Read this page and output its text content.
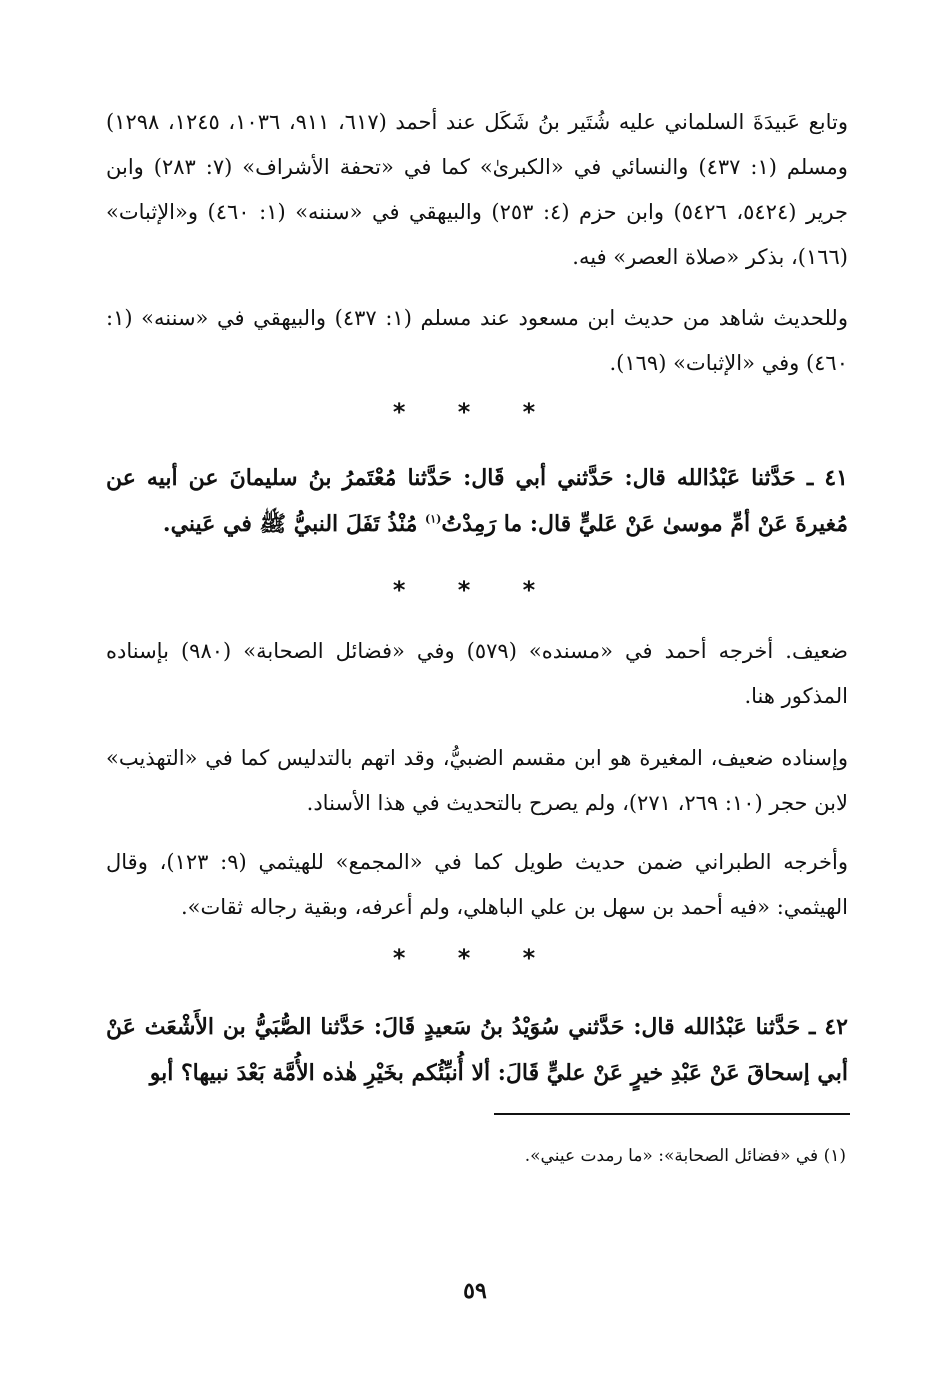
وتابع عَبيدَةَ السلماني عليه شُتَير بنُ شَكَل عند أحمد (٦١٧، ٩١١، ١٠٣٦، ١٢٤٥، ١٢٩٨) ومسلم (١: ٤٣٧) والنسائي في «الكبرىٰ» كما في «تحفة الأشراف» (٧: ٢٨٣) وابن جرير (٥٤٢٤، ٥٤٢٦) وابن حزم (٤: ٢٥٣) والبيهقي في «سننه» (١: ٤٦٠) و«الإثبات» (١٦٦)، بذكر «صلاة العصر» فيه.

وللحديث شاهد من حديث ابن مسعود عند مسلم (١: ٤٣٧) والبيهقي في «سننه» (١: ٤٦٠) وفي «الإثبات» (١٦٩).

* * *

٤١ ـ حَدَّثنا عَبْدُالله قال: حَدَّثني أبي قَال: حَدَّثنا مُعْتَمرُ بنُ سليمانَ عن أبيه عن مُغيرةَ عَنْ أمِّ موسىٰ عَنْ عَليٍّ قال: ما رَمِدْتُ$^{(١)}$ مُنْذُ تَفَلَ النبيُّ ﷺ في عَيني.

* * *

ضعيف. أخرجه أحمد في «مسنده» (٥٧٩) وفي «فضائل الصحابة» (٩٨٠) بإسناده المذكور هنا.

وإسناده ضعيف، المغيرة هو ابن مقسم الضبيُّ، وقد اتهم بالتدليس كما في «التهذيب» لابن حجر (١٠: ٢٦٩، ٢٧١)، ولم يصرح بالتحديث في هذا الأسناد.

وأخرجه الطبراني ضمن حديث طويل كما في «المجمع» للهيثمي (٩: ١٢٣)، وقال الهيثمي: «فيه أحمد بن سهل بن علي الباهلي، ولم أعرفه، وبقية رجاله ثقات».

* * *

٤٢ ـ حَدَّثنا عَبْدُالله قال: حَدَّثني سُوَيْدُ بنُ سَعيدٍ قَالَ: حَدَّثنا الصُّبَيُّ بن الأَشْعَث عَنْ أبي إسحاقَ عَنْ عَبْدِ خيرٍ عَنْ عليٍّ قَالَ: ألا أُنبِّئُكم بخَيْرِ هٰذه الأُمَّة بَعْدَ نبيها؟ أبو

(١) في «فضائل الصحابة»: «ما رمدت عيني».

٥٩
